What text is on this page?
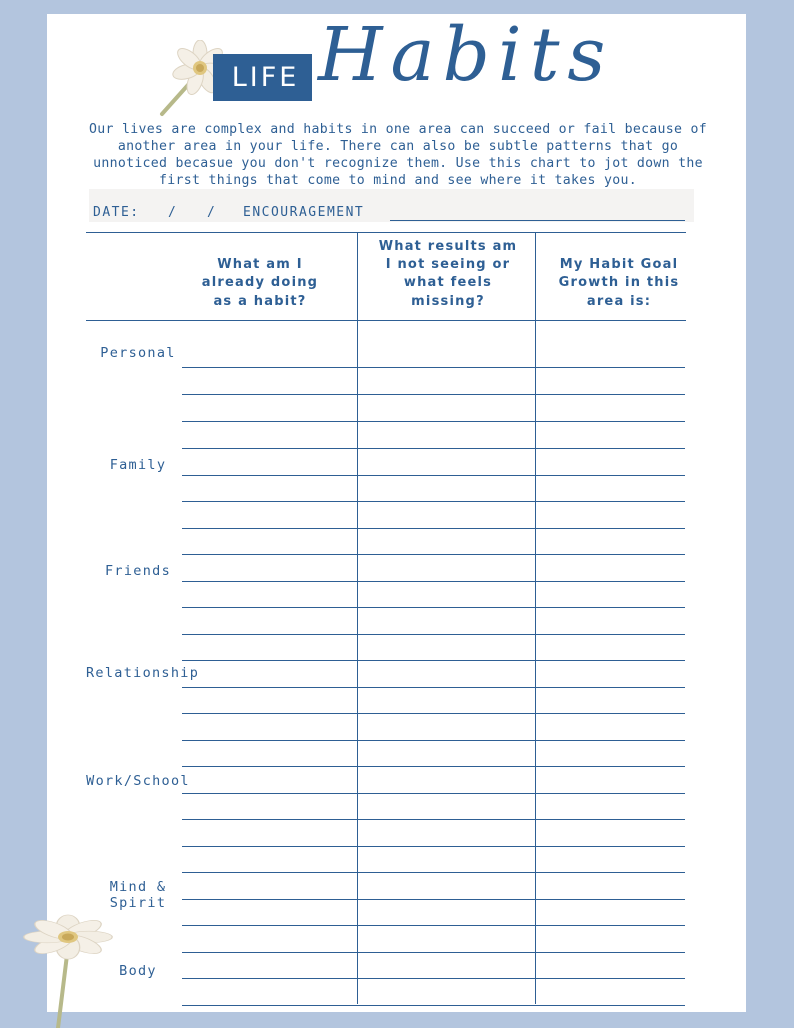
LIFE Habits
Our lives are complex and habits in one area can succeed or fail because of another area in your life. There can also be subtle patterns that go unnoticed becasue you don't recognize them. Use this chart to jot down the first things that come to mind and see where it takes you.
DATE: / / ENCOURAGEMENT
What am I already doing as a habit?
What results am I not seeing or what feels missing?
My Habit Goal Growth in this area is:
Personal
Family
Friends
Relationship
Work/School
Mind & Spirit
Body
